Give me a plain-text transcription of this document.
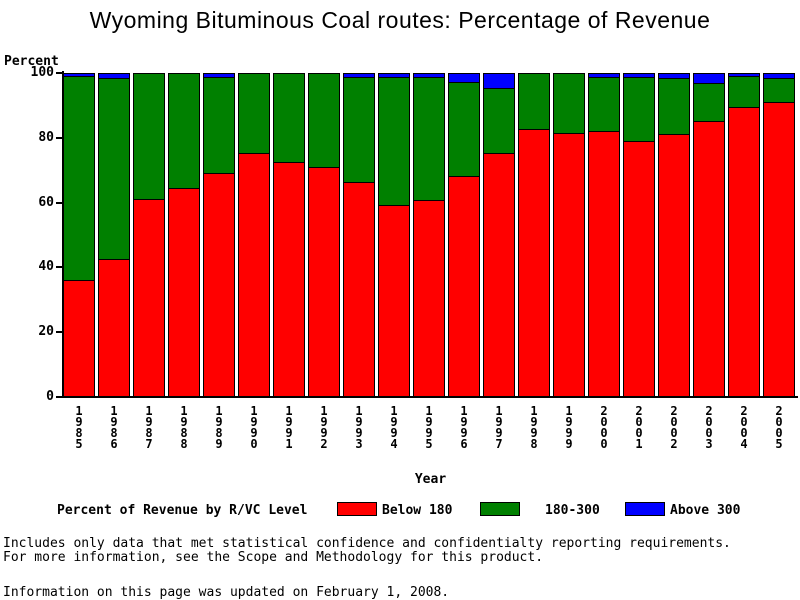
Wyoming Bituminous Coal routes: Percentage of Revenue
Percent
0
20
40
60
80
100
1
9
8
5
1
9
8
6
1
9
8
7
1
9
8
8
1
9
8
9
1
9
9
0
1
9
9
1
1
9
9
2
1
9
9
3
1
9
9
4
1
9
9
5
1
9
9
6
1
9
9
7
1
9
9
8
1
9
9
9
2
0
0
0
2
0
0
1
2
0
0
2
2
0
0
3
2
0
0
4
2
0
0
5
Year
Percent of Revenue by R/VC Level	Below 180	180-300	Above 300
Includes only data that met statistical confidence and confidentialty reporting requirements.
For more information, see the Scope and Methodology for this product.
Information on this page was updated on February 1, 2008.
